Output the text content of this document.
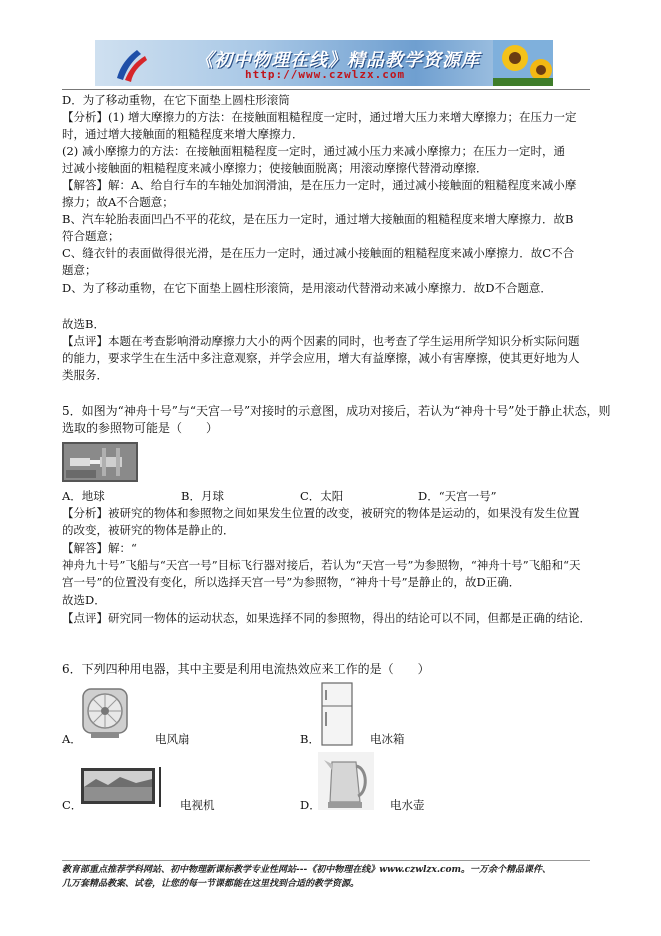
《初中物理在线》精品教学资源库
http://www.czwlzx.com
D．为了移动重物，在它下面垫上圆柱形滚筒
【分析】(1) 增大摩擦力的方法：在接触面粗糙程度一定时，通过增大压力来增大摩擦力；在压力一定
时，通过增大接触面的粗糙程度来增大摩擦力．
(2) 减小摩擦力的方法：在接触面粗糙程度一定时，通过减小压力来减小摩擦力；在压力一定时，通
过减小接触面的粗糙程度来减小摩擦力；使接触面脱离；用滚动摩擦代替滑动摩擦．
【解答】解：A、给自行车的车轴处加润滑油，是在压力一定时，通过减小接触面的粗糙程度来减小摩
擦力；故A不合题意；
B、汽车轮胎表面凹凸不平的花纹，是在压力一定时，通过增大接触面的粗糙程度来增大摩擦力．故B
符合题意；
C、缝衣针的表面做得很光滑，是在压力一定时，通过减小接触面的粗糙程度来减小摩擦力．故C不合
题意；
D、为了移动重物，在它下面垫上圆柱形滚筒，是用滚动代替滑动来减小摩擦力．故D不合题意．
故选B．
【点评】本题在考查影响滑动摩擦力大小的两个因素的同时，也考查了学生运用所学知识分析实际问题
的能力，要求学生在生活中多注意观察，并学会应用，增大有益摩擦，减小有害摩擦，使其更好地为人
类服务．
5．如图为“神舟十号”与“天宫一号”对接时的示意图，成功对接后，若认为“神舟十号”处于静止状态，则
选取的参照物可能是（　　）
A．地球	B．月球	C．太阳	D．“天宫一号”
【分析】被研究的物体和参照物之间如果发生位置的改变，被研究的物体是运动的，如果没有发生位置
的改变，被研究的物体是静止的．
【解答】解：“
神舟九十号”飞船与“天宫一号”目标飞行器对接后，若认为“天宫一号”为参照物，“神舟十号”飞船和“天
宫一号”的位置没有变化，所以选择天宫一号”为参照物，“神舟十号”是静止的，故D正确．
故选D．
【点评】研究同一物体的运动状态，如果选择不同的参照物，得出的结论可以不同，但都是正确的结论．
6．下列四种用电器，其中主要是利用电流热效应来工作的是（　　）
A．	电风扇	B．	电冰箱
C．	电视机	D．	电水壶
教育部重点推荐学科网站、初中物理新课标教学专业性网站---《初中物理在线》www.czwlzx.com。一万余个精品课件、
几万套精品教案、试卷，让您的每一节课都能在这里找到合适的教学资源。
